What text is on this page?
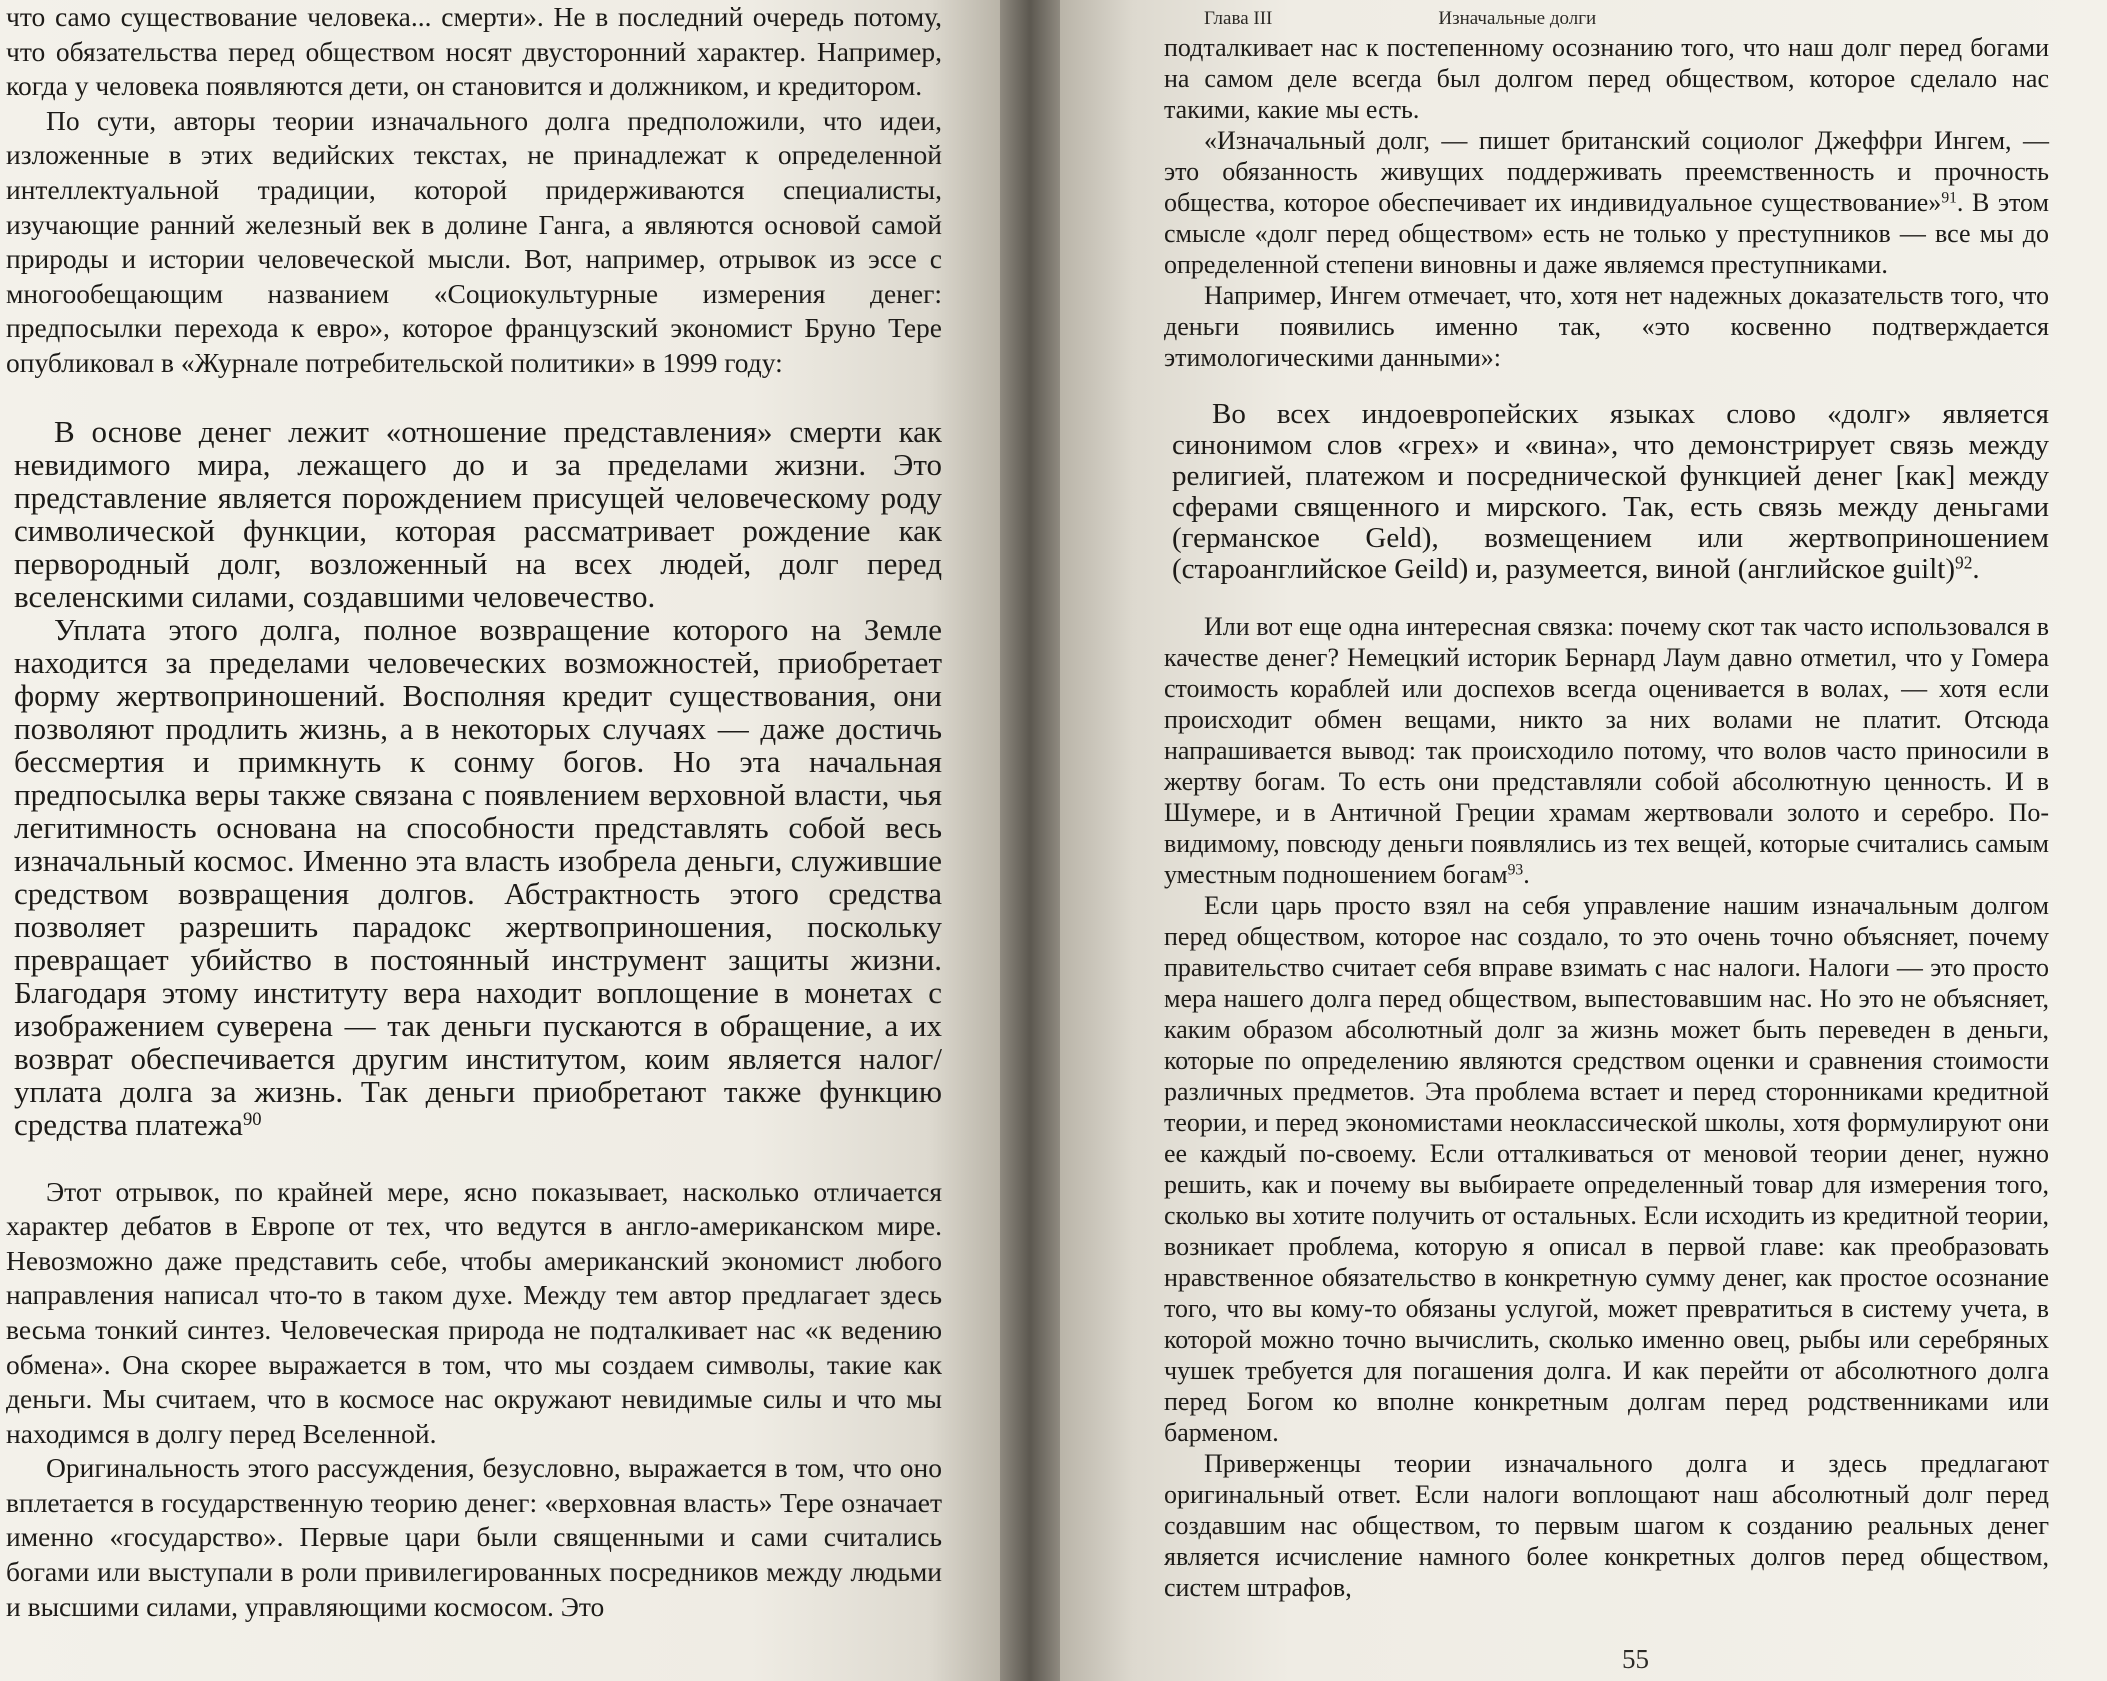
что само существование человека... смерти». Не в последний очередь потому, что обязательства перед обществом носят двусторонний характер. Например, когда у человека появляются дети, он становится и должником, и кредитором.

По сути, авторы теории изначального долга предположили, что идеи, изложенные в этих ведийских текстах, не принадлежат к определенной интеллектуальной традиции, которой придерживаются специалисты, изучающие ранний железный век в долине Ганга, а являются основой самой природы и истории человеческой мысли. Вот, например, отрывок из эссе с многообещающим названием «Социокультурные измерения денег: предпосылки перехода к евро», которое французский экономист Бруно Тере опубликовал в «Журнале потребительской политики» в 1999 году:

В основе денег лежит «отношение представления» смерти как невидимого мира, лежащего до и за пределами жизни. Это представление является порождением присущей человеческому роду символической функции, которая рассматривает рождение как первородный долг, возложенный на всех людей, долг перед вселенскими силами, создавшими человечество.

Уплата этого долга, полное возвращение которого на Земле находится за пределами человеческих возможностей, приобретает форму жертвоприношений. Восполняя кредит существования, они позволяют продлить жизнь, а в некоторых случаях — даже достичь бессмертия и примкнуть к сонму богов. Но эта начальная предпосылка веры также связана с появлением верховной власти, чья легитимность основана на способности представлять собой весь изначальный космос. Именно эта власть изобрела деньги, служившие средством возвращения долгов. Абстрактность этого средства позволяет разрешить парадокс жертвоприношения, поскольку превращает убийство в постоянный инструмент защиты жизни. Благодаря этому институту вера находит воплощение в монетах с изображением суверена — так деньги пускаются в обращение, а их возврат обеспечивается другим институтом, коим является налог/уплата долга за жизнь. Так деньги приобретают также функцию средства платежа$^{90}$

Этот отрывок, по крайней мере, ясно показывает, насколько отличается характер дебатов в Европе от тех, что ведутся в англо-американском мире. Невозможно даже представить себе, чтобы американский экономист любого направления написал что-то в таком духе. Между тем автор предлагает здесь весьма тонкий синтез. Человеческая природа не подталкивает нас «к ведению обмена». Она скорее выражается в том, что мы создаем символы, такие как деньги. Мы считаем, что в космосе нас окружают невидимые силы и что мы находимся в долгу перед Вселенной.

Оригинальность этого рассуждения, безусловно, выражается в том, что оно вплетается в государственную теорию денег: «верховная власть» Тере означает именно «государство». Первые цари были священными и сами считались богами или выступали в роли привилегированных посредников между людьми и высшими силами, управляющими космосом. Это

Глава III	Изначальные долги

подталкивает нас к постепенному осознанию того, что наш долг перед богами на самом деле всегда был долгом перед обществом, которое сделало нас такими, какие мы есть.

«Изначальный долг, — пишет британский социолог Джеффри Ингем, — это обязанность живущих поддерживать преемственность и прочность общества, которое обеспечивает их индивидуальное существование»$^{91}$. В этом смысле «долг перед обществом» есть не только у преступников — все мы до определенной степени виновны и даже являемся преступниками.

Например, Ингем отмечает, что, хотя нет надежных доказательств того, что деньги появились именно так, «это косвенно подтверждается этимологическими данными»:

Во всех индоевропейских языках слово «долг» является синонимом слов «грех» и «вина», что демонстрирует связь между религией, платежом и посреднической функцией денег [как] между сферами священного и мирского. Так, есть связь между деньгами (германское Geld), возмещением или жертвоприношением (староанглийское Geild) и, разумеется, виной (английское guilt)$^{92}$.

Или вот еще одна интересная связка: почему скот так часто использовался в качестве денег? Немецкий историк Бернард Лаум давно отметил, что у Гомера стоимость кораблей или доспехов всегда оценивается в волах, — хотя если происходит обмен вещами, никто за них волами не платит. Отсюда напрашивается вывод: так происходило потому, что волов часто приносили в жертву богам. То есть они представляли собой абсолютную ценность. И в Шумере, и в Античной Греции храмам жертвовали золото и серебро. По-видимому, повсюду деньги появлялись из тех вещей, которые считались самым уместным подношением богам$^{93}$.

Если царь просто взял на себя управление нашим изначальным долгом перед обществом, которое нас создало, то это очень точно объясняет, почему правительство считает себя вправе взимать с нас налоги. Налоги — это просто мера нашего долга перед обществом, выпестовавшим нас. Но это не объясняет, каким образом абсолютный долг за жизнь может быть переведен в деньги, которые по определению являются средством оценки и сравнения стоимости различных предметов. Эта проблема встает и перед сторонниками кредитной теории, и перед экономистами неоклассической школы, хотя формулируют они ее каждый по-своему. Если отталкиваться от меновой теории денег, нужно решить, как и почему вы выбираете определенный товар для измерения того, сколько вы хотите получить от остальных. Если исходить из кредитной теории, возникает проблема, которую я описал в первой главе: как преобразовать нравственное обязательство в конкретную сумму денег, как простое осознание того, что вы кому-то обязаны услугой, может превратиться в систему учета, в которой можно точно вычислить, сколько именно овец, рыбы или серебряных чушек требуется для погашения долга. И как перейти от абсолютного долга перед Богом ко вполне конкретным долгам перед родственниками или барменом.

Приверженцы теории изначального долга и здесь предлагают оригинальный ответ. Если налоги воплощают наш абсолютный долг перед создавшим нас обществом, то первым шагом к созданию реальных денег является исчисление намного более конкретных долгов перед обществом, систем штрафов,

55
